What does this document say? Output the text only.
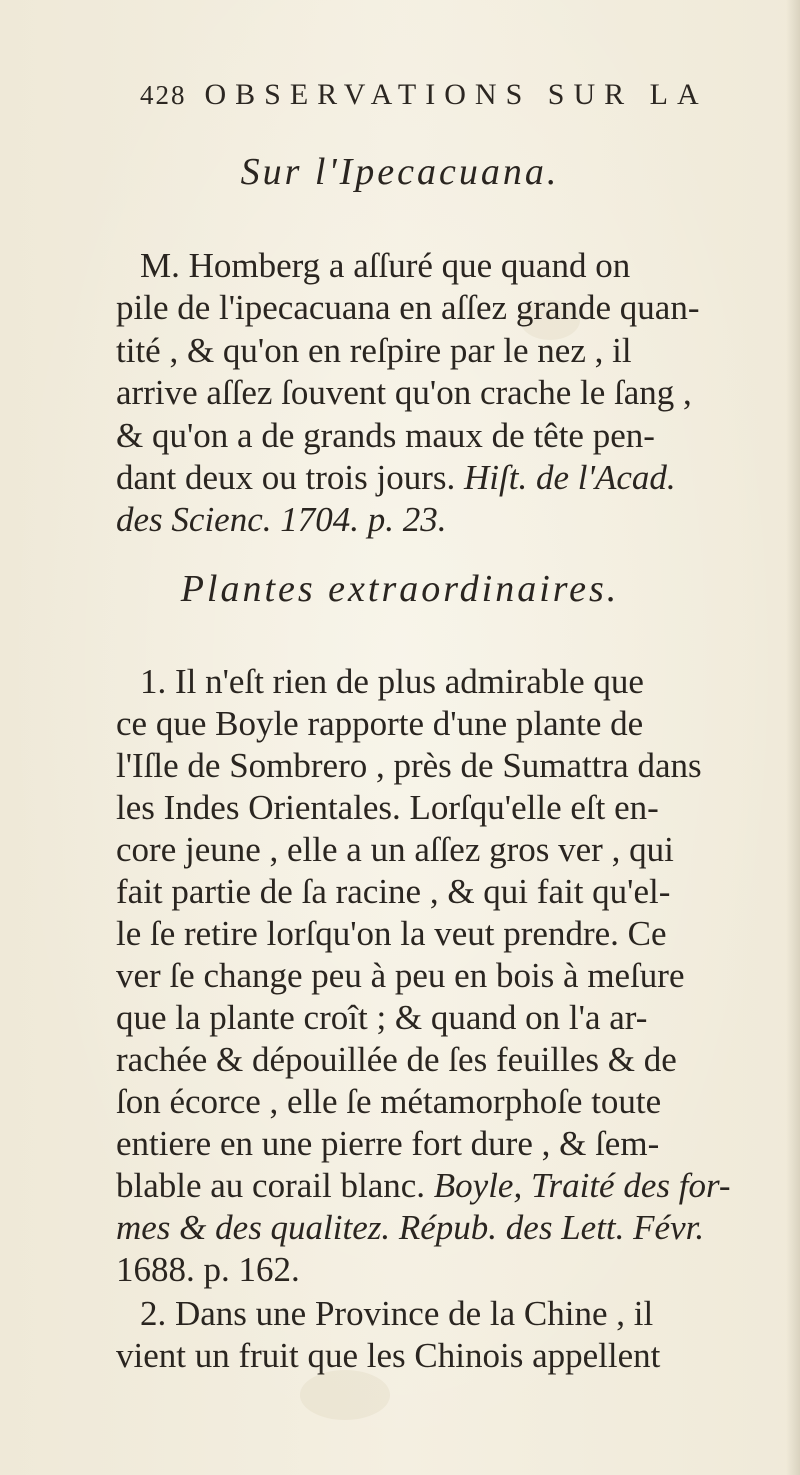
428 OBSERVATIONS SUR LA
Sur l'Ipecacuana.
M. Homberg a aſſuré que quand on
pile de l'ipecacuana en aſſez grande quan-
tité , & qu'on en reſpire par le nez , il
arrive aſſez ſouvent qu'on crache le ſang ,
& qu'on a de grands maux de tête pen-
dant deux ou trois jours. Hiſt. de l'Acad.
des Scienc. 1704. p. 23.
Plantes extraordinaires.
1. Il n'eſt rien de plus admirable que
ce que Boyle rapporte d'une plante de
l'Iſle de Sombrero , près de Sumattra dans
les Indes Orientales. Lorſqu'elle eſt en-
core jeune , elle a un aſſez gros ver , qui
fait partie de ſa racine , & qui fait qu'el-
le ſe retire lorſqu'on la veut prendre. Ce
ver ſe change peu à peu en bois à meſure
que la plante croît ; & quand on l'a ar-
rachée & dépouillée de ſes feuilles & de
ſon écorce , elle ſe métamorphoſe toute
entiere en une pierre fort dure , & ſem-
blable au corail blanc. Boyle, Traité des for-
mes & des qualitez. Répub. des Lett. Févr.
1688. p. 162.
2. Dans une Province de la Chine , il
vient un fruit que les Chinois appellent
